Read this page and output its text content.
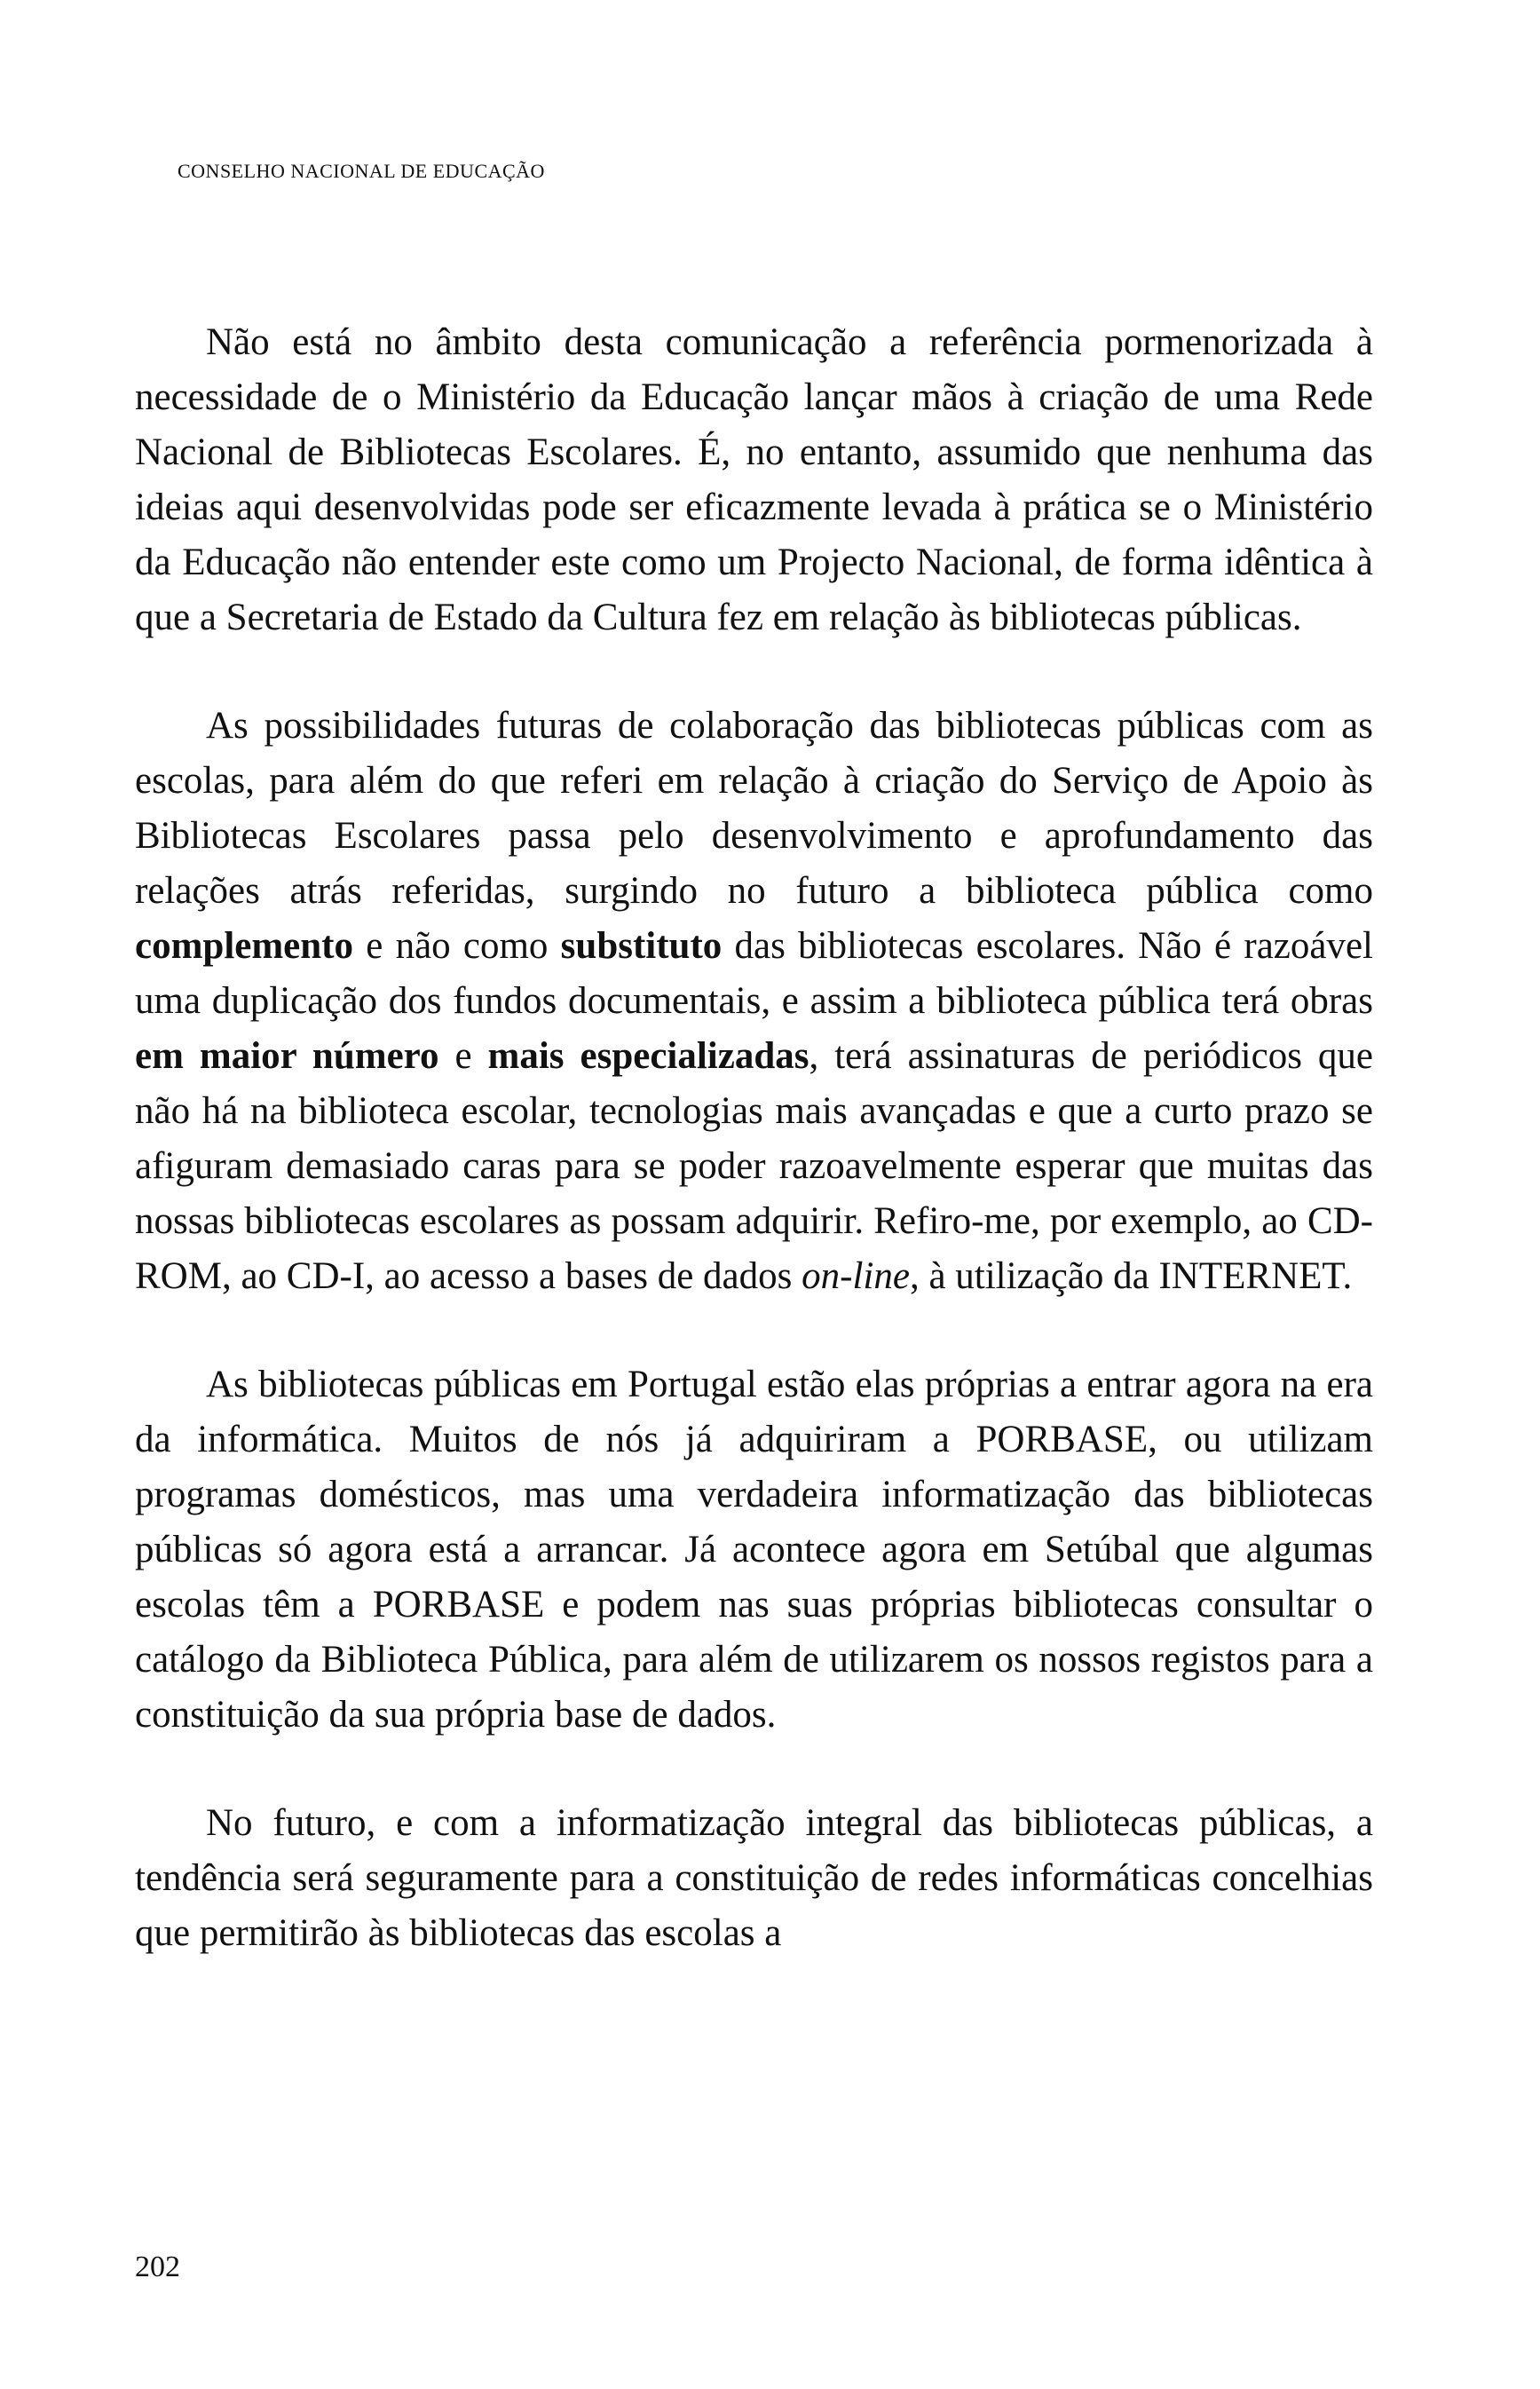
CONSELHO NACIONAL DE EDUCAÇÃO

Não está no âmbito desta comunicação a referência pormenorizada à necessidade de o Ministério da Educação lançar mãos à criação de uma Rede Nacional de Bibliotecas Escolares. É, no entanto, assumido que nenhuma das ideias aqui desenvolvidas pode ser eficazmente levada à prática se o Ministério da Educação não entender este como um Projecto Nacional, de forma idêntica à que a Secretaria de Estado da Cultura fez em relação às bibliotecas públicas.

As possibilidades futuras de colaboração das bibliotecas públicas com as escolas, para além do que referi em relação à criação do Serviço de Apoio às Bibliotecas Escolares passa pelo desenvolvimento e aprofundamento das relações atrás referidas, surgindo no futuro a biblioteca pública como complemento e não como substituto das bibliotecas escolares. Não é razoável uma duplicação dos fundos documentais, e assim a biblioteca pública terá obras em maior número e mais especializadas, terá assinaturas de periódicos que não há na biblioteca escolar, tecnologias mais avançadas e que a curto prazo se afiguram demasiado caras para se poder razoavelmente esperar que muitas das nossas bibliotecas escolares as possam adquirir. Refiro-me, por exemplo, ao CD-ROM, ao CD-I, ao acesso a bases de dados on-line, à utilização da INTERNET.

As bibliotecas públicas em Portugal estão elas próprias a entrar agora na era da informática. Muitos de nós já adquiriram a PORBASE, ou utilizam programas domésticos, mas uma verdadeira informatização das bibliotecas públicas só agora está a arrancar. Já acontece agora em Setúbal que algumas escolas têm a PORBASE e podem nas suas próprias bibliotecas consultar o catálogo da Biblioteca Pública, para além de utilizarem os nossos registos para a constituição da sua própria base de dados.

No futuro, e com a informatização integral das bibliotecas públicas, a tendência será seguramente para a constituição de redes informáticas concelhias que permitirão às bibliotecas das escolas a

202
